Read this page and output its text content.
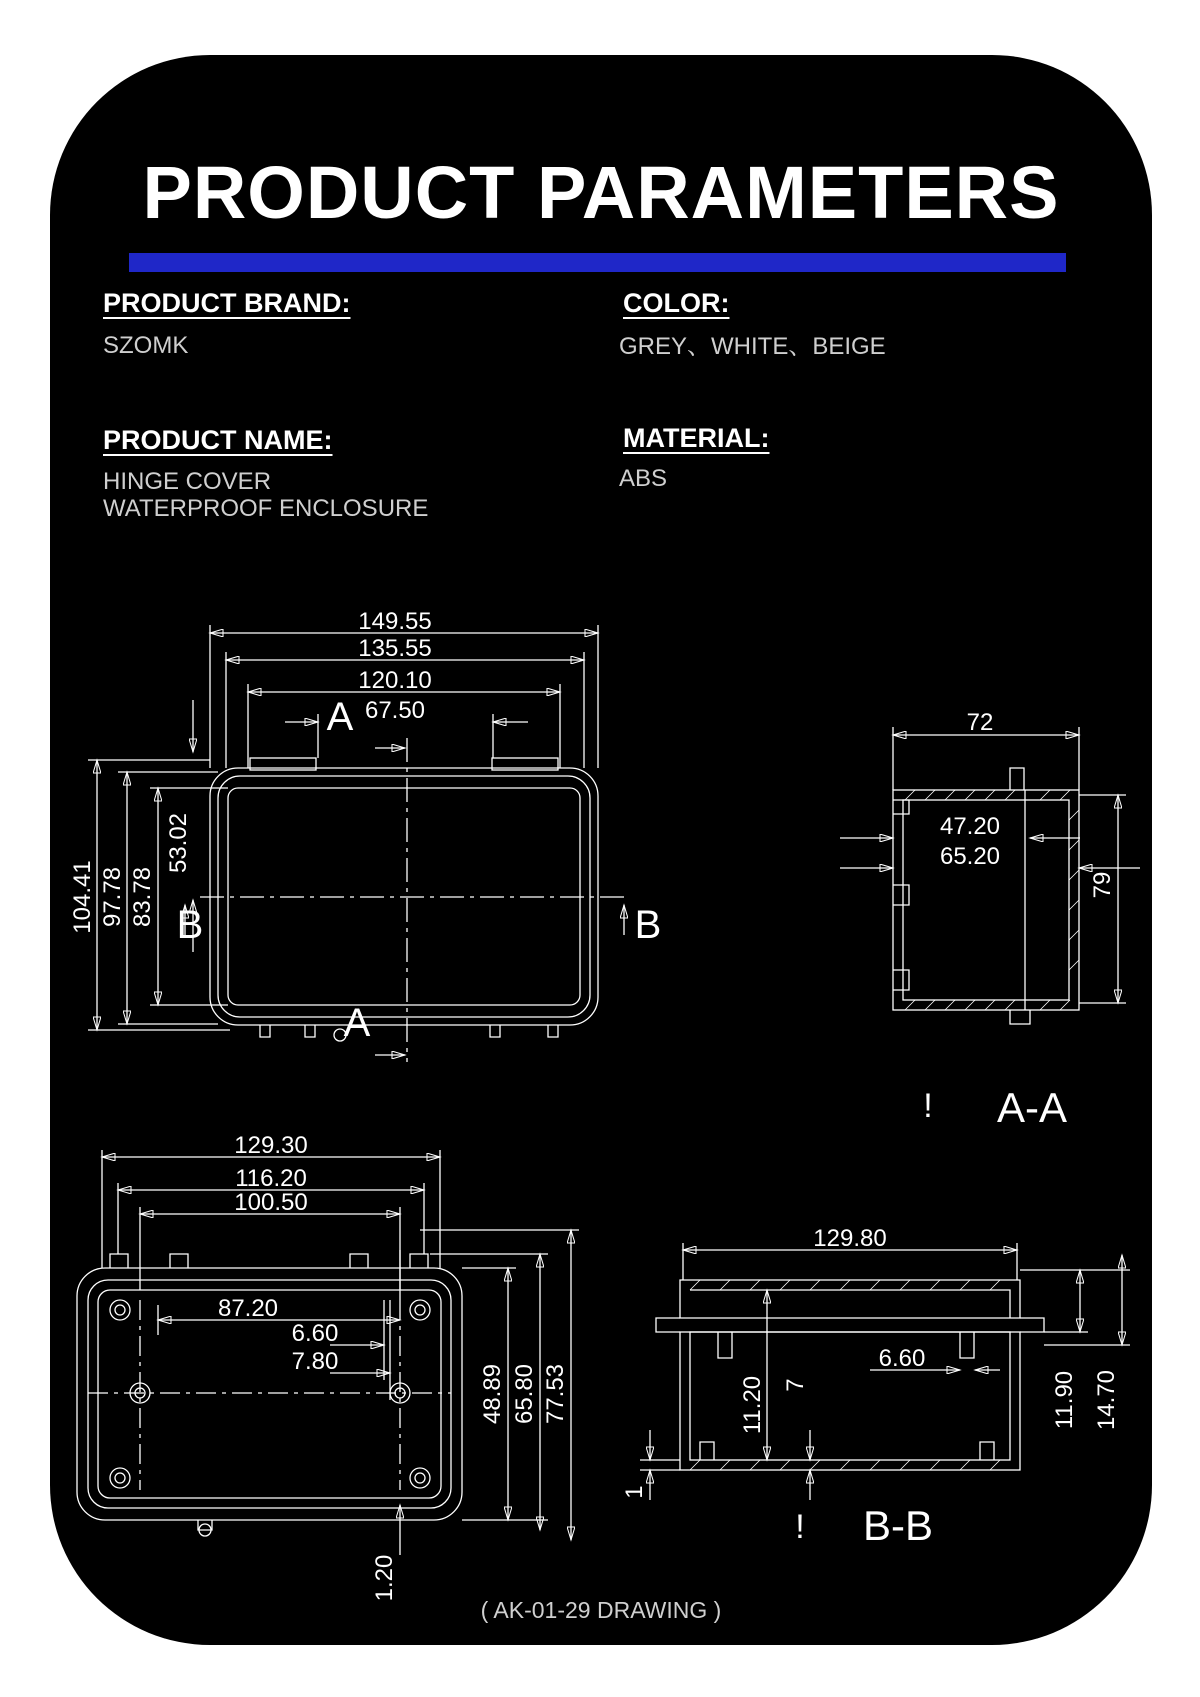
PRODUCT PARAMETERS
PRODUCT BRAND:
SZOMK
COLOR:
GREY、WHITE、BEIGE
PRODUCT NAME:
HINGE COVER
WATERPROOF ENCLOSURE
MATERIAL:
ABS
( AK-01-29 DRAWING )
149.55
135.55
120.10
67.50
104.41 97.78 83.78
53.02
A
A
B	B
72
47.20
65.20
79
! A-A
129.30
116.20
100.50
87.20
6.60
7.80
48.89 65.80 77.53
1.20
129.80
6.60
11.20 7	11.90 14.70
1
! B-B
